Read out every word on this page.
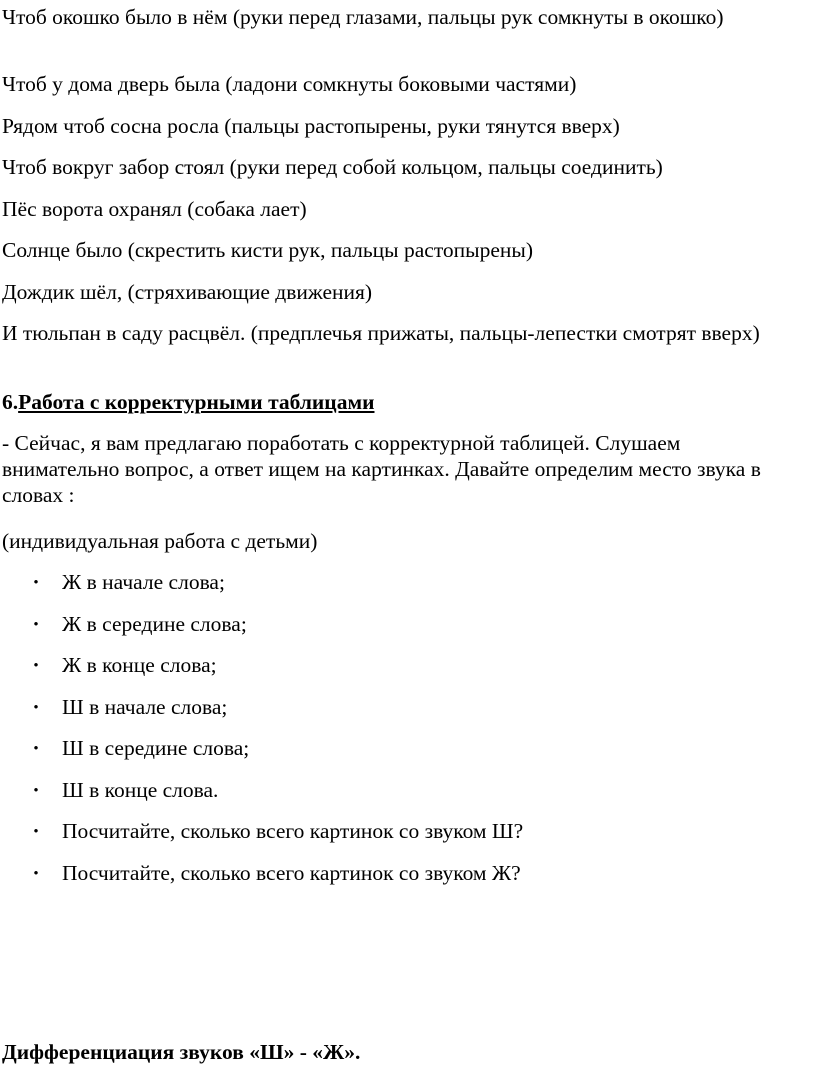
Чтоб окошко было в нём (руки перед глазами, пальцы рук сомкнуты в окошко)

Чтоб у дома дверь была (ладони сомкнуты боковыми частями)

Рядом чтоб сосна росла (пальцы растопырены, руки тянутся вверх)

Чтоб вокруг забор стоял (руки перед собой кольцом, пальцы соединить)

Пёс ворота охранял (собака лает)

Солнце было (скрестить кисти рук, пальцы растопырены)

Дождик шёл, (стряхивающие движения)

И тюльпан в саду расцвёл. (предплечья прижаты, пальцы-лепестки смотрят вверх)

6.Работа с корректурными таблицами

- Сейчас, я вам предлагаю поработать с корректурной таблицей. Слушаем внимательно вопрос, а ответ ищем на картинках. Давайте определим место звука в словах :

(индивидуальная работа с детьми)

• Ж в начале слова;
• Ж в середине слова;
• Ж в конце слова;
• Ш в начале слова;
• Ш в середине слова;
• Ш в конце слова.
• Посчитайте, сколько всего картинок со звуком Ш?
• Посчитайте, сколько всего картинок со звуком Ж?

Дифференциация звуков «Ш» - «Ж».
